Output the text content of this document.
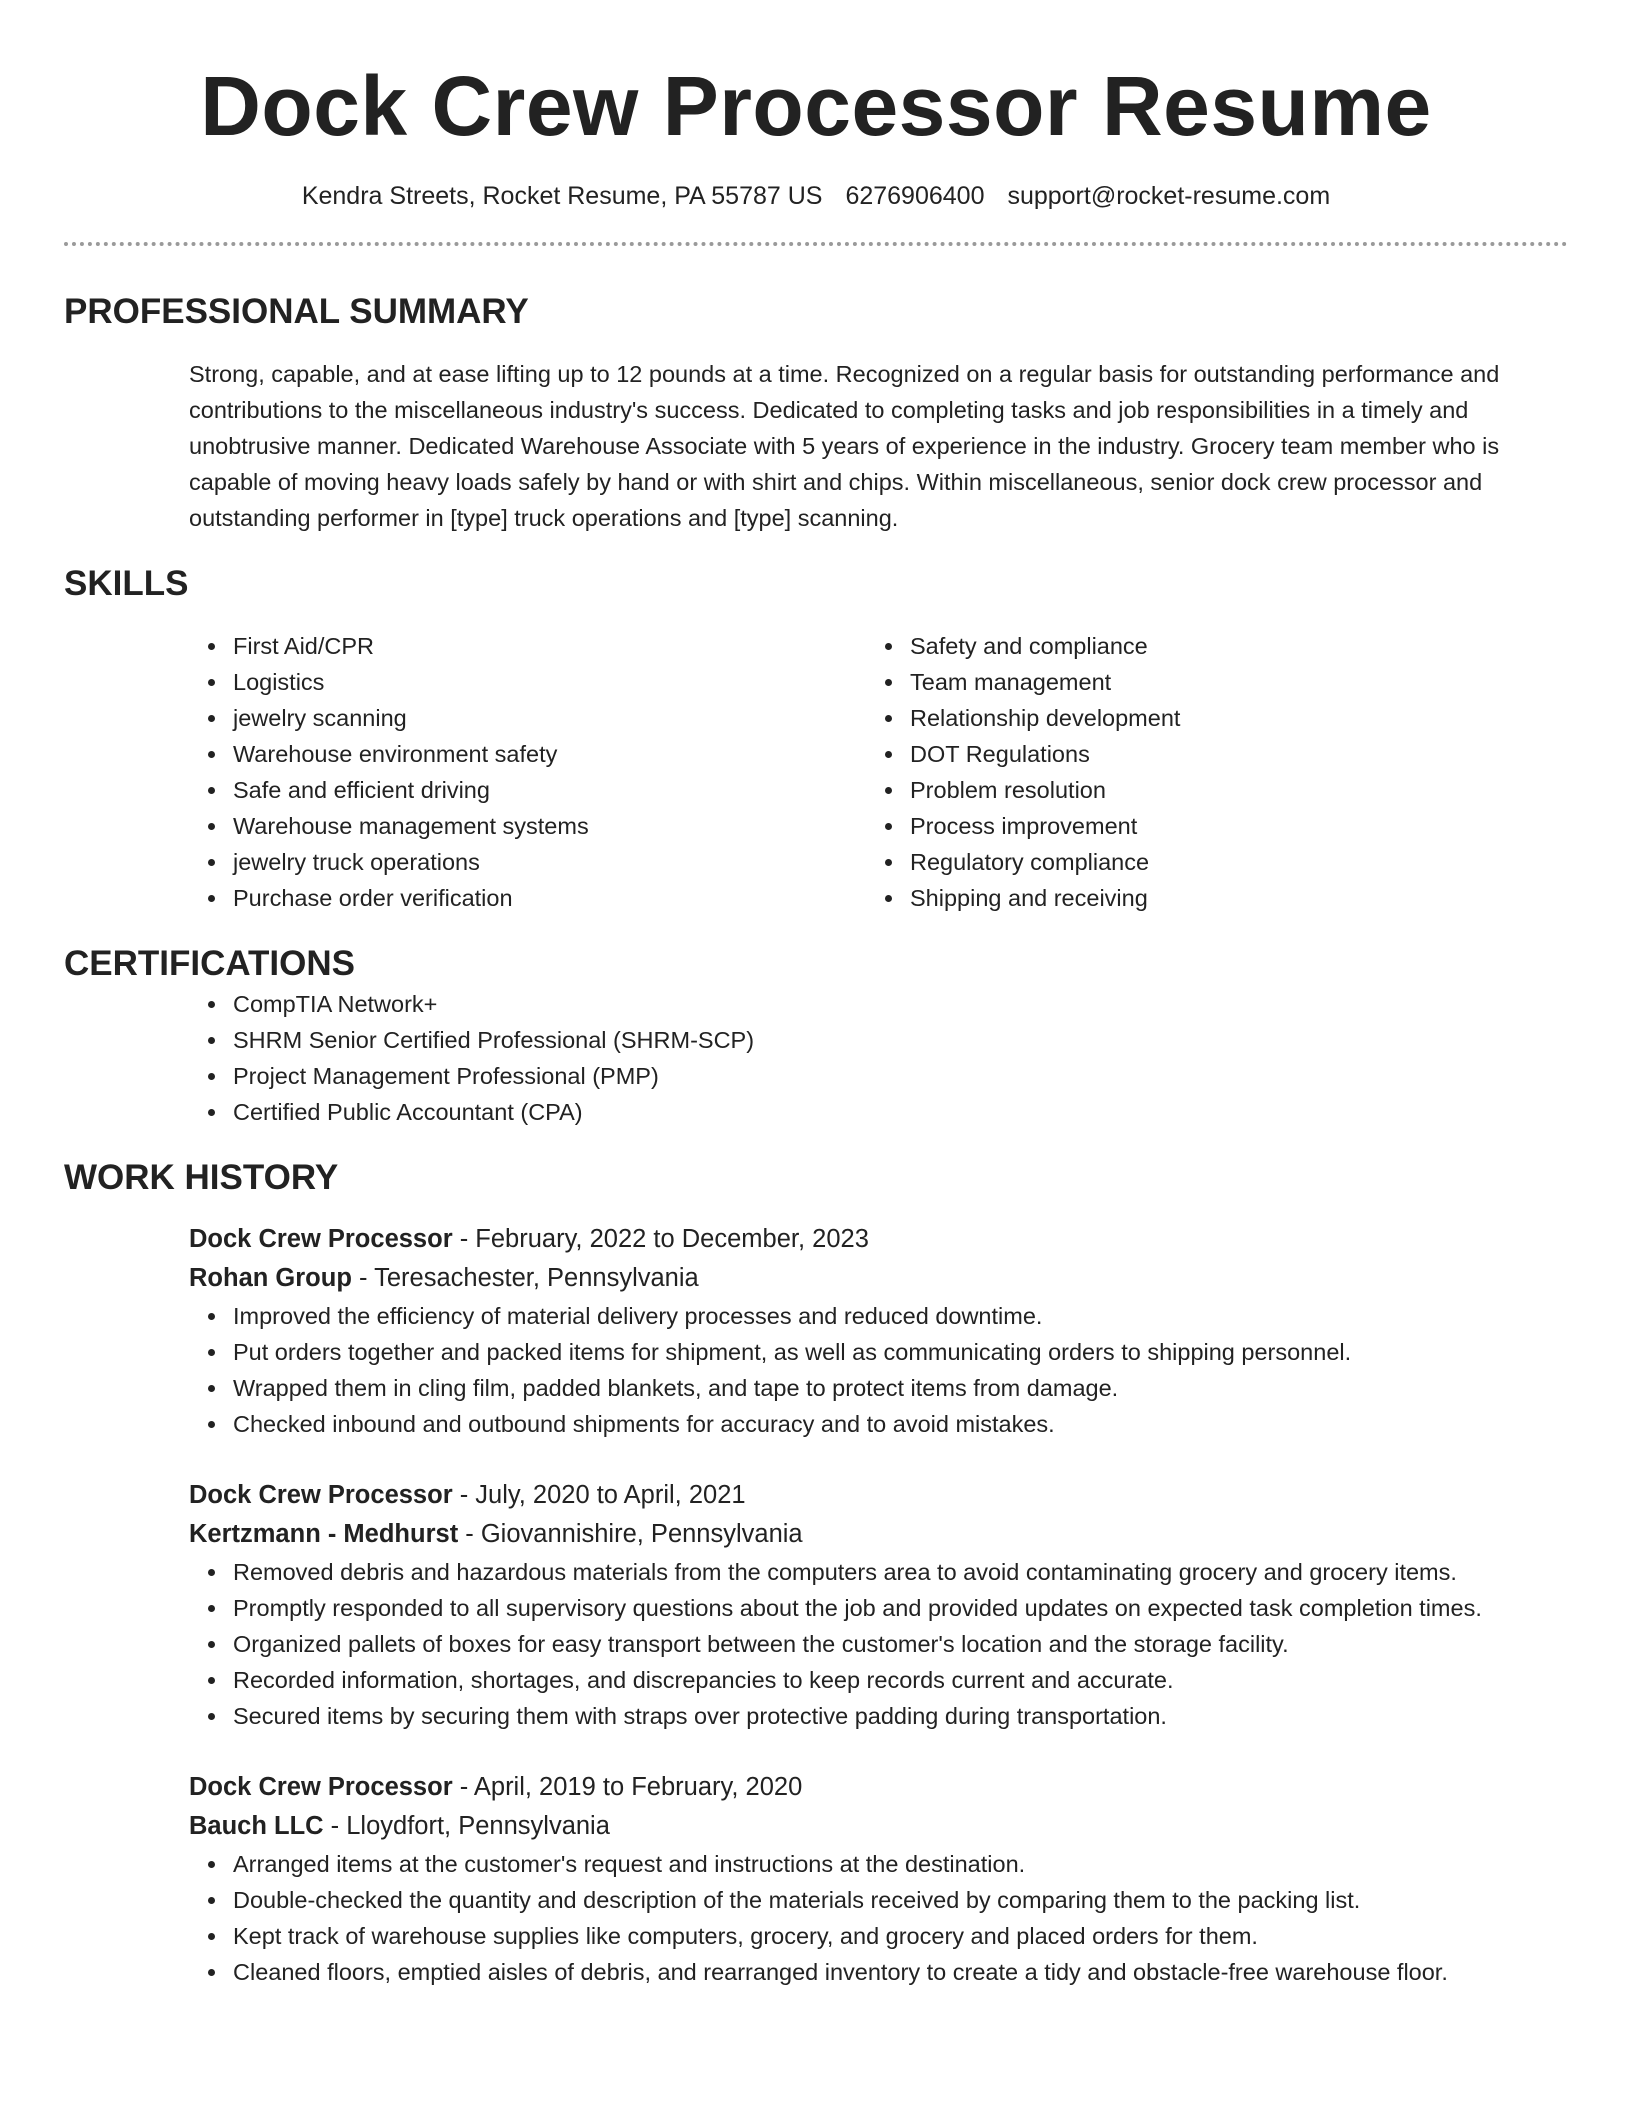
Dock Crew Processor Resume
Kendra Streets, Rocket Resume, PA 55787 US 6276906400 support@rocket-resume.com
PROFESSIONAL SUMMARY

Strong, capable, and at ease lifting up to 12 pounds at a time. Recognized on a regular basis for outstanding performance and contributions to the miscellaneous industry's success. Dedicated to completing tasks and job responsibilities in a timely and unobtrusive manner. Dedicated Warehouse Associate with 5 years of experience in the industry. Grocery team member who is capable of moving heavy loads safely by hand or with shirt and chips. Within miscellaneous, senior dock crew processor and outstanding performer in [type] truck operations and [type] scanning.

SKILLS
First Aid/CPR
Logistics
jewelry scanning
Warehouse environment safety
Safe and efficient driving
Warehouse management systems
jewelry truck operations
Purchase order verification
Safety and compliance
Team management
Relationship development
DOT Regulations
Problem resolution
Process improvement
Regulatory compliance
Shipping and receiving
CERTIFICATIONS
CompTIA Network+
SHRM Senior Certified Professional (SHRM-SCP)
Project Management Professional (PMP)
Certified Public Accountant (CPA)
WORK HISTORY
Dock Crew Processor - February, 2022 to December, 2023
Rohan Group - Teresachester, Pennsylvania
Improved the efficiency of material delivery processes and reduced downtime.
Put orders together and packed items for shipment, as well as communicating orders to shipping personnel.
Wrapped them in cling film, padded blankets, and tape to protect items from damage.
Checked inbound and outbound shipments for accuracy and to avoid mistakes.
Dock Crew Processor - July, 2020 to April, 2021
Kertzmann - Medhurst - Giovannishire, Pennsylvania
Removed debris and hazardous materials from the computers area to avoid contaminating grocery and grocery items.
Promptly responded to all supervisory questions about the job and provided updates on expected task completion times.
Organized pallets of boxes for easy transport between the customer's location and the storage facility.
Recorded information, shortages, and discrepancies to keep records current and accurate.
Secured items by securing them with straps over protective padding during transportation.
Dock Crew Processor - April, 2019 to February, 2020
Bauch LLC - Lloydfort, Pennsylvania
Arranged items at the customer's request and instructions at the destination.
Double-checked the quantity and description of the materials received by comparing them to the packing list.
Kept track of warehouse supplies like computers, grocery, and grocery and placed orders for them.
Cleaned floors, emptied aisles of debris, and rearranged inventory to create a tidy and obstacle-free warehouse floor.
